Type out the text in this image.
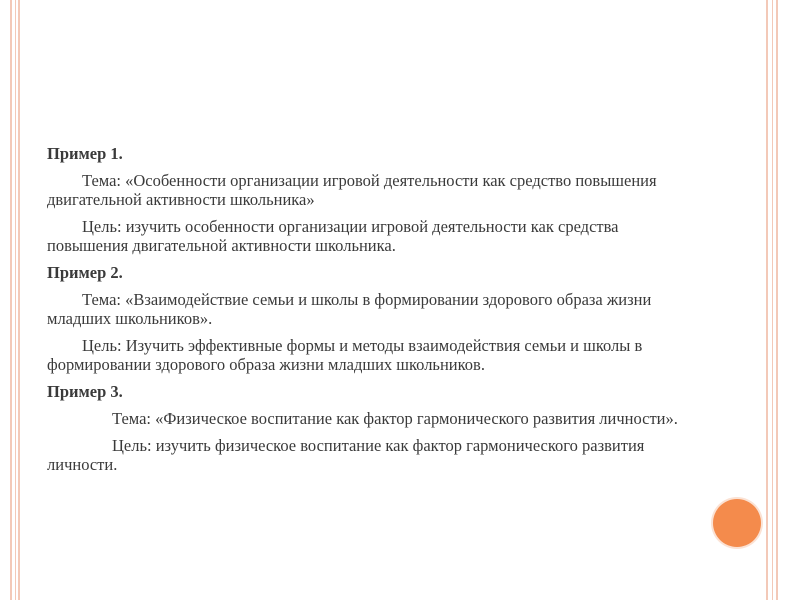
Пример 1.

Тема: «Особенности организации игровой деятельности как средство повышения двигательной активности школьника»

Цель: изучить особенности организации игровой деятельности как средства повышения двигательной активности школьника.

Пример 2.

Тема: «Взаимодействие семьи и школы в формировании здорового образа жизни младших школьников».

Цель: Изучить эффективные формы и методы взаимодействия семьи и школы в формировании здорового образа жизни младших школьников.

Пример 3.

Тема: «Физическое воспитание как фактор гармонического развития личности».

Цель: изучить физическое воспитание как фактор гармонического развития личности.
